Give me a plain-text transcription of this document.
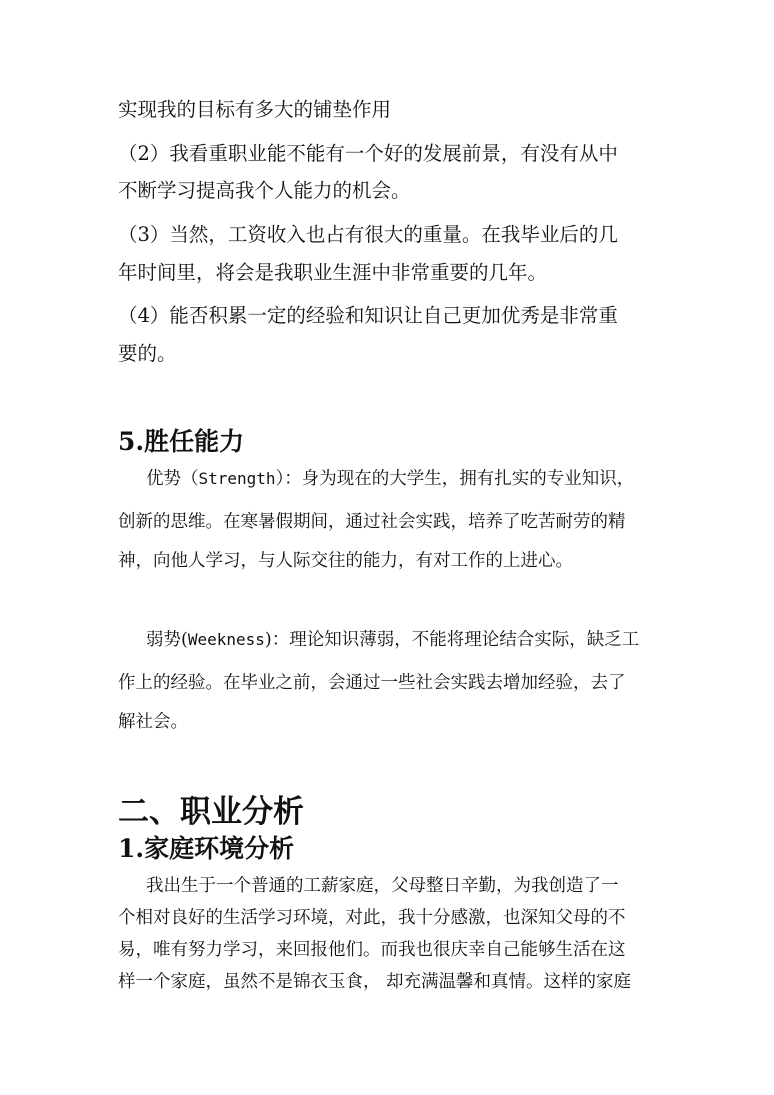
实现我的目标有多大的铺垫作用
（2）我看重职业能不能有一个好的发展前景，有没有从中
不断学习提高我个人能力的机会。
（3）当然，工资收入也占有很大的重量。在我毕业后的几
年时间里，将会是我职业生涯中非常重要的几年。
（4）能否积累一定的经验和知识让自己更加优秀是非常重
要的。
5.胜任能力
优势（Strength）：身为现在的大学生，拥有扎实的专业知识，
创新的思维。在寒暑假期间，通过社会实践，培养了吃苦耐劳的精
神，向他人学习，与人际交往的能力，有对工作的上进心。
弱势(Weekness)：理论知识薄弱，不能将理论结合实际，缺乏工
作上的经验。在毕业之前，会通过一些社会实践去增加经验，去了
解社会。
二、职业分析
1.家庭环境分析
我出生于一个普通的工薪家庭，父母整日辛勤，为我创造了一
个相对良好的生活学习环境，对此，我十分感激，也深知父母的不
易，唯有努力学习，来回报他们。而我也很庆幸自己能够生活在这
样一个家庭，虽然不是锦衣玉食， 却充满温馨和真情。这样的家庭
